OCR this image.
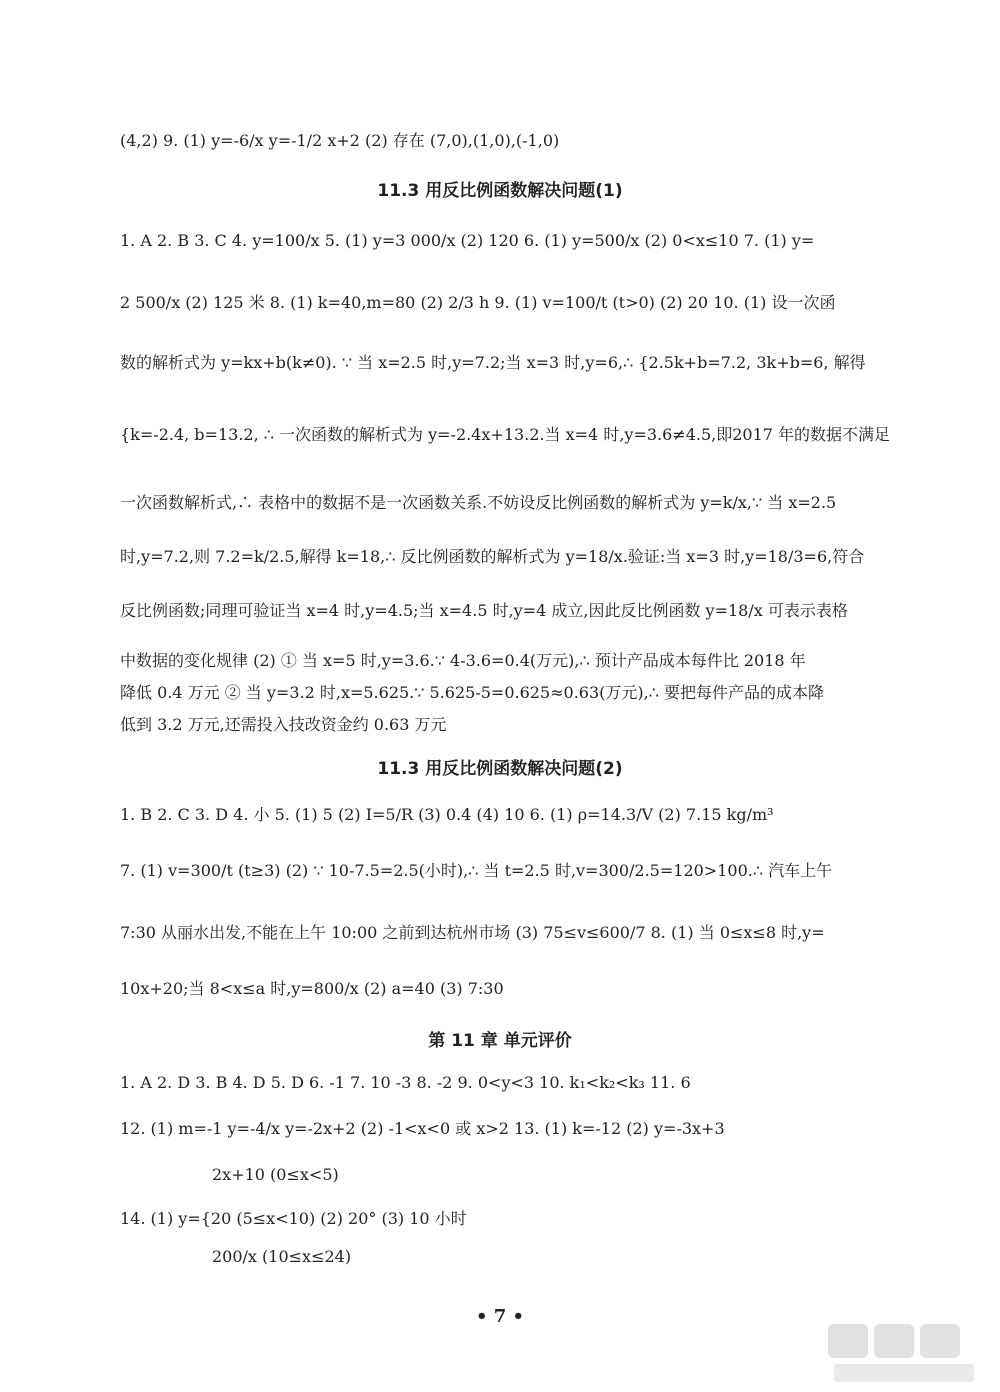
(4,2) 9. (1) y=-6/x y=-1/2 x+2 (2) 存在 (7,0),(1,0),(-1,0)
11.3 用反比例函数解决问题(1)
1. A 2. B 3. C 4. y=100/x 5. (1) y=3 000/x (2) 120 6. (1) y=500/x (2) 0<x≤10 7. (1) y=
2 500/x (2) 125 米 8. (1) k=40,m=80 (2) 2/3 h 9. (1) v=100/t (t>0) (2) 20 10. (1) 设一次函
数的解析式为 y=kx+b(k≠0). ∵ 当 x=2.5 时,y=7.2;当 x=3 时,y=6,∴ {2.5k+b=7.2, 3k+b=6, 解得
{k=-2.4, b=13.2, ∴ 一次函数的解析式为 y=-2.4x+13.2.当 x=4 时,y=3.6≠4.5,即2017 年的数据不满足
一次函数解析式,∴ 表格中的数据不是一次函数关系.不妨设反比例函数的解析式为 y=k/x,∵ 当 x=2.5
时,y=7.2,则 7.2=k/2.5,解得 k=18,∴ 反比例函数的解析式为 y=18/x.验证:当 x=3 时,y=18/3=6,符合
反比例函数;同理可验证当 x=4 时,y=4.5;当 x=4.5 时,y=4 成立,因此反比例函数 y=18/x 可表示表格
中数据的变化规律 (2) ① 当 x=5 时,y=3.6.∵ 4-3.6=0.4(万元),∴ 预计产品成本每件比 2018 年
降低 0.4 万元 ② 当 y=3.2 时,x=5.625.∵ 5.625-5=0.625≈0.63(万元),∴ 要把每件产品的成本降
低到 3.2 万元,还需投入技改资金约 0.63 万元
11.3 用反比例函数解决问题(2)
1. B 2. C 3. D 4. 小 5. (1) 5 (2) I=5/R (3) 0.4 (4) 10 6. (1) ρ=14.3/V (2) 7.15 kg/m³
7. (1) v=300/t (t≥3) (2) ∵ 10-7.5=2.5(小时),∴ 当 t=2.5 时,v=300/2.5=120>100.∴ 汽车上午
7:30 从丽水出发,不能在上午 10:00 之前到达杭州市场 (3) 75≤v≤600/7 8. (1) 当 0≤x≤8 时,y=
10x+20;当 8<x≤a 时,y=800/x (2) a=40 (3) 7:30
第 11 章 单元评价
1. A 2. D 3. B 4. D 5. D 6. -1 7. 10 -3 8. -2 9. 0<y<3 10. k₁<k₂<k₃ 11. 6
12. (1) m=-1 y=-4/x y=-2x+2 (2) -1<x<0 或 x>2 13. (1) k=-12 (2) y=-3x+3
2x+10 (0≤x<5)
14. (1) y={20 (5≤x<10) (2) 20° (3) 10 小时
200/x (10≤x≤24)
• 7 •
